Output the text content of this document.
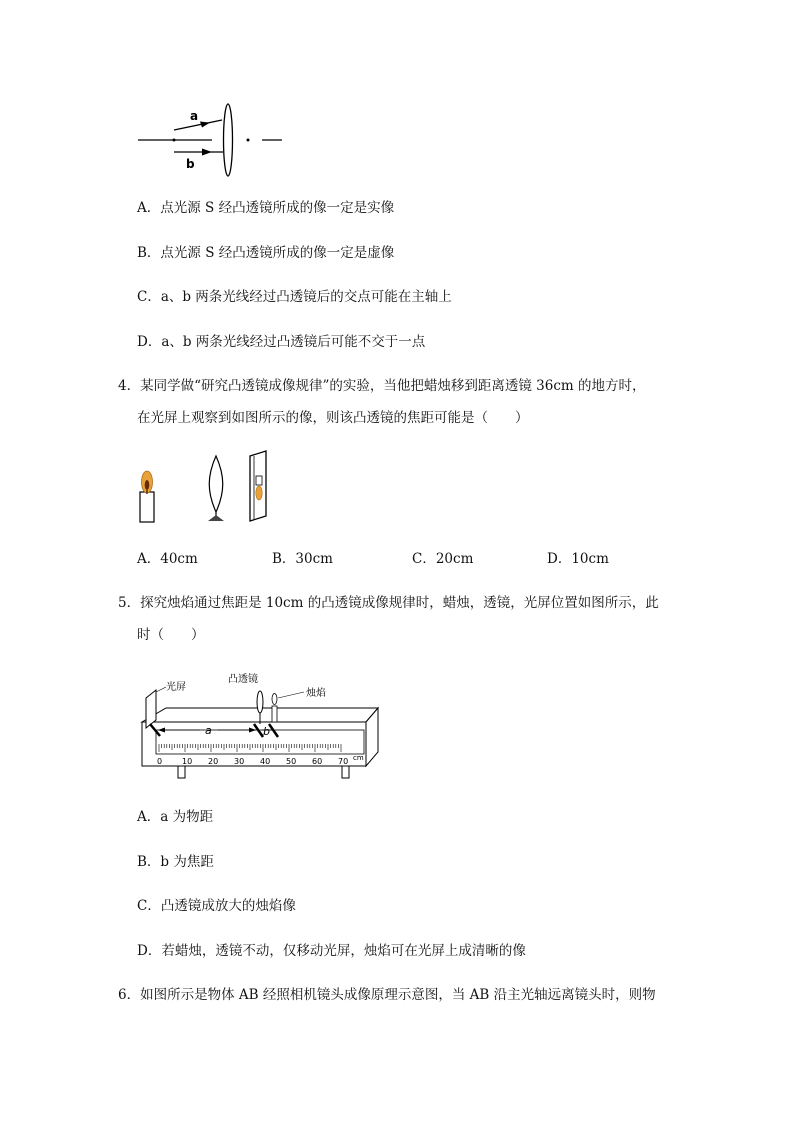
a
b
A．点光源 S 经凸透镜所成的像一定是实像
B．点光源 S 经凸透镜所成的像一定是虚像
C．a、b 两条光线经过凸透镜后的交点可能在主轴上
D．a、b 两条光线经过凸透镜后可能不交于一点
4．某同学做“研究凸透镜成像规律”的实验，当他把蜡烛移到距离透镜 36cm 的地方时，
在光屏上观察到如图所示的像，则该凸透镜的焦距可能是（　　）
A．40cm	B．30cm	C．20cm	D．10cm
5．探究烛焰通过焦距是 10cm 的凸透镜成像规律时，蜡烛，透镜，光屏位置如图所示，此
时（　　）
0 10 20 30 40 50 60 70 cm
a	b
光屏
凸透镜
烛焰
A．a 为物距
B．b 为焦距
C．凸透镜成放大的烛焰像
D．若蜡烛，透镜不动，仅移动光屏，烛焰可在光屏上成清晰的像
6．如图所示是物体 AB 经照相机镜头成像原理示意图，当 AB 沿主光轴远离镜头时，则物
